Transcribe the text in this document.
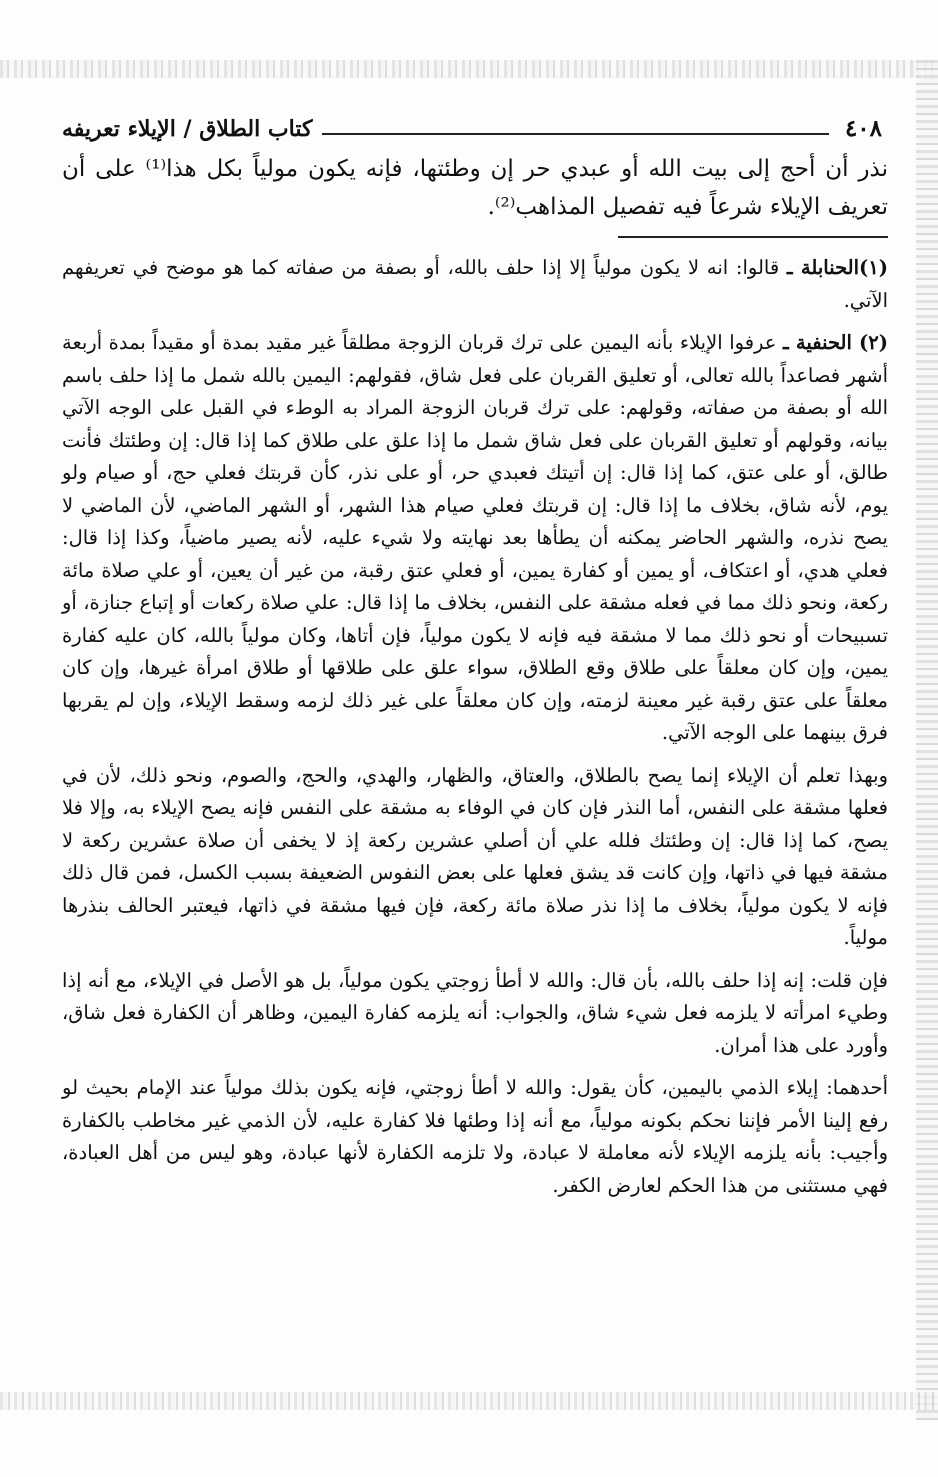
٤٠٨
كتاب الطلاق / الإيلاء تعريفه

نذر أن أحج إلى بيت الله أو عبدي حر إن وطئتها، فإنه يكون مولياً بكل هذا⁽¹⁾ على أن تعريف الإيلاء شرعاً فيه تفصيل المذاهب⁽²⁾.

(١)الحنابلة ـ قالوا: انه لا يكون مولياً إلا إذا حلف بالله، أو بصفة من صفاته كما هو موضح في تعريفهم الآتي.

(٢) الحنفية ـ عرفوا الإيلاء بأنه اليمين على ترك قربان الزوجة مطلقاً غير مقيد بمدة أو مقيداً بمدة أربعة أشهر فصاعداً بالله تعالى، أو تعليق القربان على فعل شاق، فقولهم: اليمين بالله شمل ما إذا حلف باسم الله أو بصفة من صفاته، وقولهم: على ترك قربان الزوجة المراد به الوطء في القبل على الوجه الآتي بيانه، وقولهم أو تعليق القربان على فعل شاق شمل ما إذا علق على طلاق كما إذا قال: إن وطئتك فأنت طالق، أو على عتق، كما إذا قال: إن أتيتك فعبدي حر، أو على نذر، كأن قربتك فعلي حج، أو صيام ولو يوم، لأنه شاق، بخلاف ما إذا قال: إن قربتك فعلي صيام هذا الشهر، أو الشهر الماضي، لأن الماضي لا يصح نذره، والشهر الحاضر يمكنه أن يطأها بعد نهايته ولا شيء عليه، لأنه يصير ماضياً، وكذا إذا قال: فعلي هدي، أو اعتكاف، أو يمين أو كفارة يمين، أو فعلي عتق رقبة، من غير أن يعين، أو علي صلاة مائة ركعة، ونحو ذلك مما في فعله مشقة على النفس، بخلاف ما إذا قال: علي صلاة ركعات أو إتباع جنازة، أو تسبيحات أو نحو ذلك مما لا مشقة فيه فإنه لا يكون مولياً، فإن أتاها، وكان مولياً بالله، كان عليه كفارة يمين، وإن كان معلقاً على طلاق وقع الطلاق، سواء علق على طلاقها أو طلاق امرأة غيرها، وإن كان معلقاً على عتق رقبة غير معينة لزمته، وإن كان معلقاً على غير ذلك لزمه وسقط الإيلاء، وإن لم يقربها فرق بينهما على الوجه الآتي.

وبهذا تعلم أن الإيلاء إنما يصح بالطلاق، والعتاق، والظهار، والهدي، والحج، والصوم، ونحو ذلك، لأن في فعلها مشقة على النفس، أما النذر فإن كان في الوفاء به مشقة على النفس فإنه يصح الإيلاء به، وإلا فلا يصح، كما إذا قال: إن وطئتك فلله علي أن أصلي عشرين ركعة إذ لا يخفى أن صلاة عشرين ركعة لا مشقة فيها في ذاتها، وإن كانت قد يشق فعلها على بعض النفوس الضعيفة بسبب الكسل، فمن قال ذلك فإنه لا يكون مولياً، بخلاف ما إذا نذر صلاة مائة ركعة، فإن فيها مشقة في ذاتها، فيعتبر الحالف بنذرها مولياً.

فإن قلت: إنه إذا حلف بالله، بأن قال: والله لا أطأ زوجتي يكون مولياً، بل هو الأصل في الإيلاء، مع أنه إذا وطيء امرأته لا يلزمه فعل شيء شاق، والجواب: أنه يلزمه كفارة اليمين، وظاهر أن الكفارة فعل شاق، وأورد على هذا أمران.

أحدهما: إيلاء الذمي باليمين، كأن يقول: والله لا أطأ زوجتي، فإنه يكون بذلك مولياً عند الإمام بحيث لو رفع إلينا الأمر فإننا نحكم بكونه مولياً، مع أنه إذا وطئها فلا كفارة عليه، لأن الذمي غير مخاطب بالكفارة وأجيب: بأنه يلزمه الإيلاء لأنه معاملة لا عبادة، ولا تلزمه الكفارة لأنها عبادة، وهو ليس من أهل العبادة، فهي مستثنى من هذا الحكم لعارض الكفر.
